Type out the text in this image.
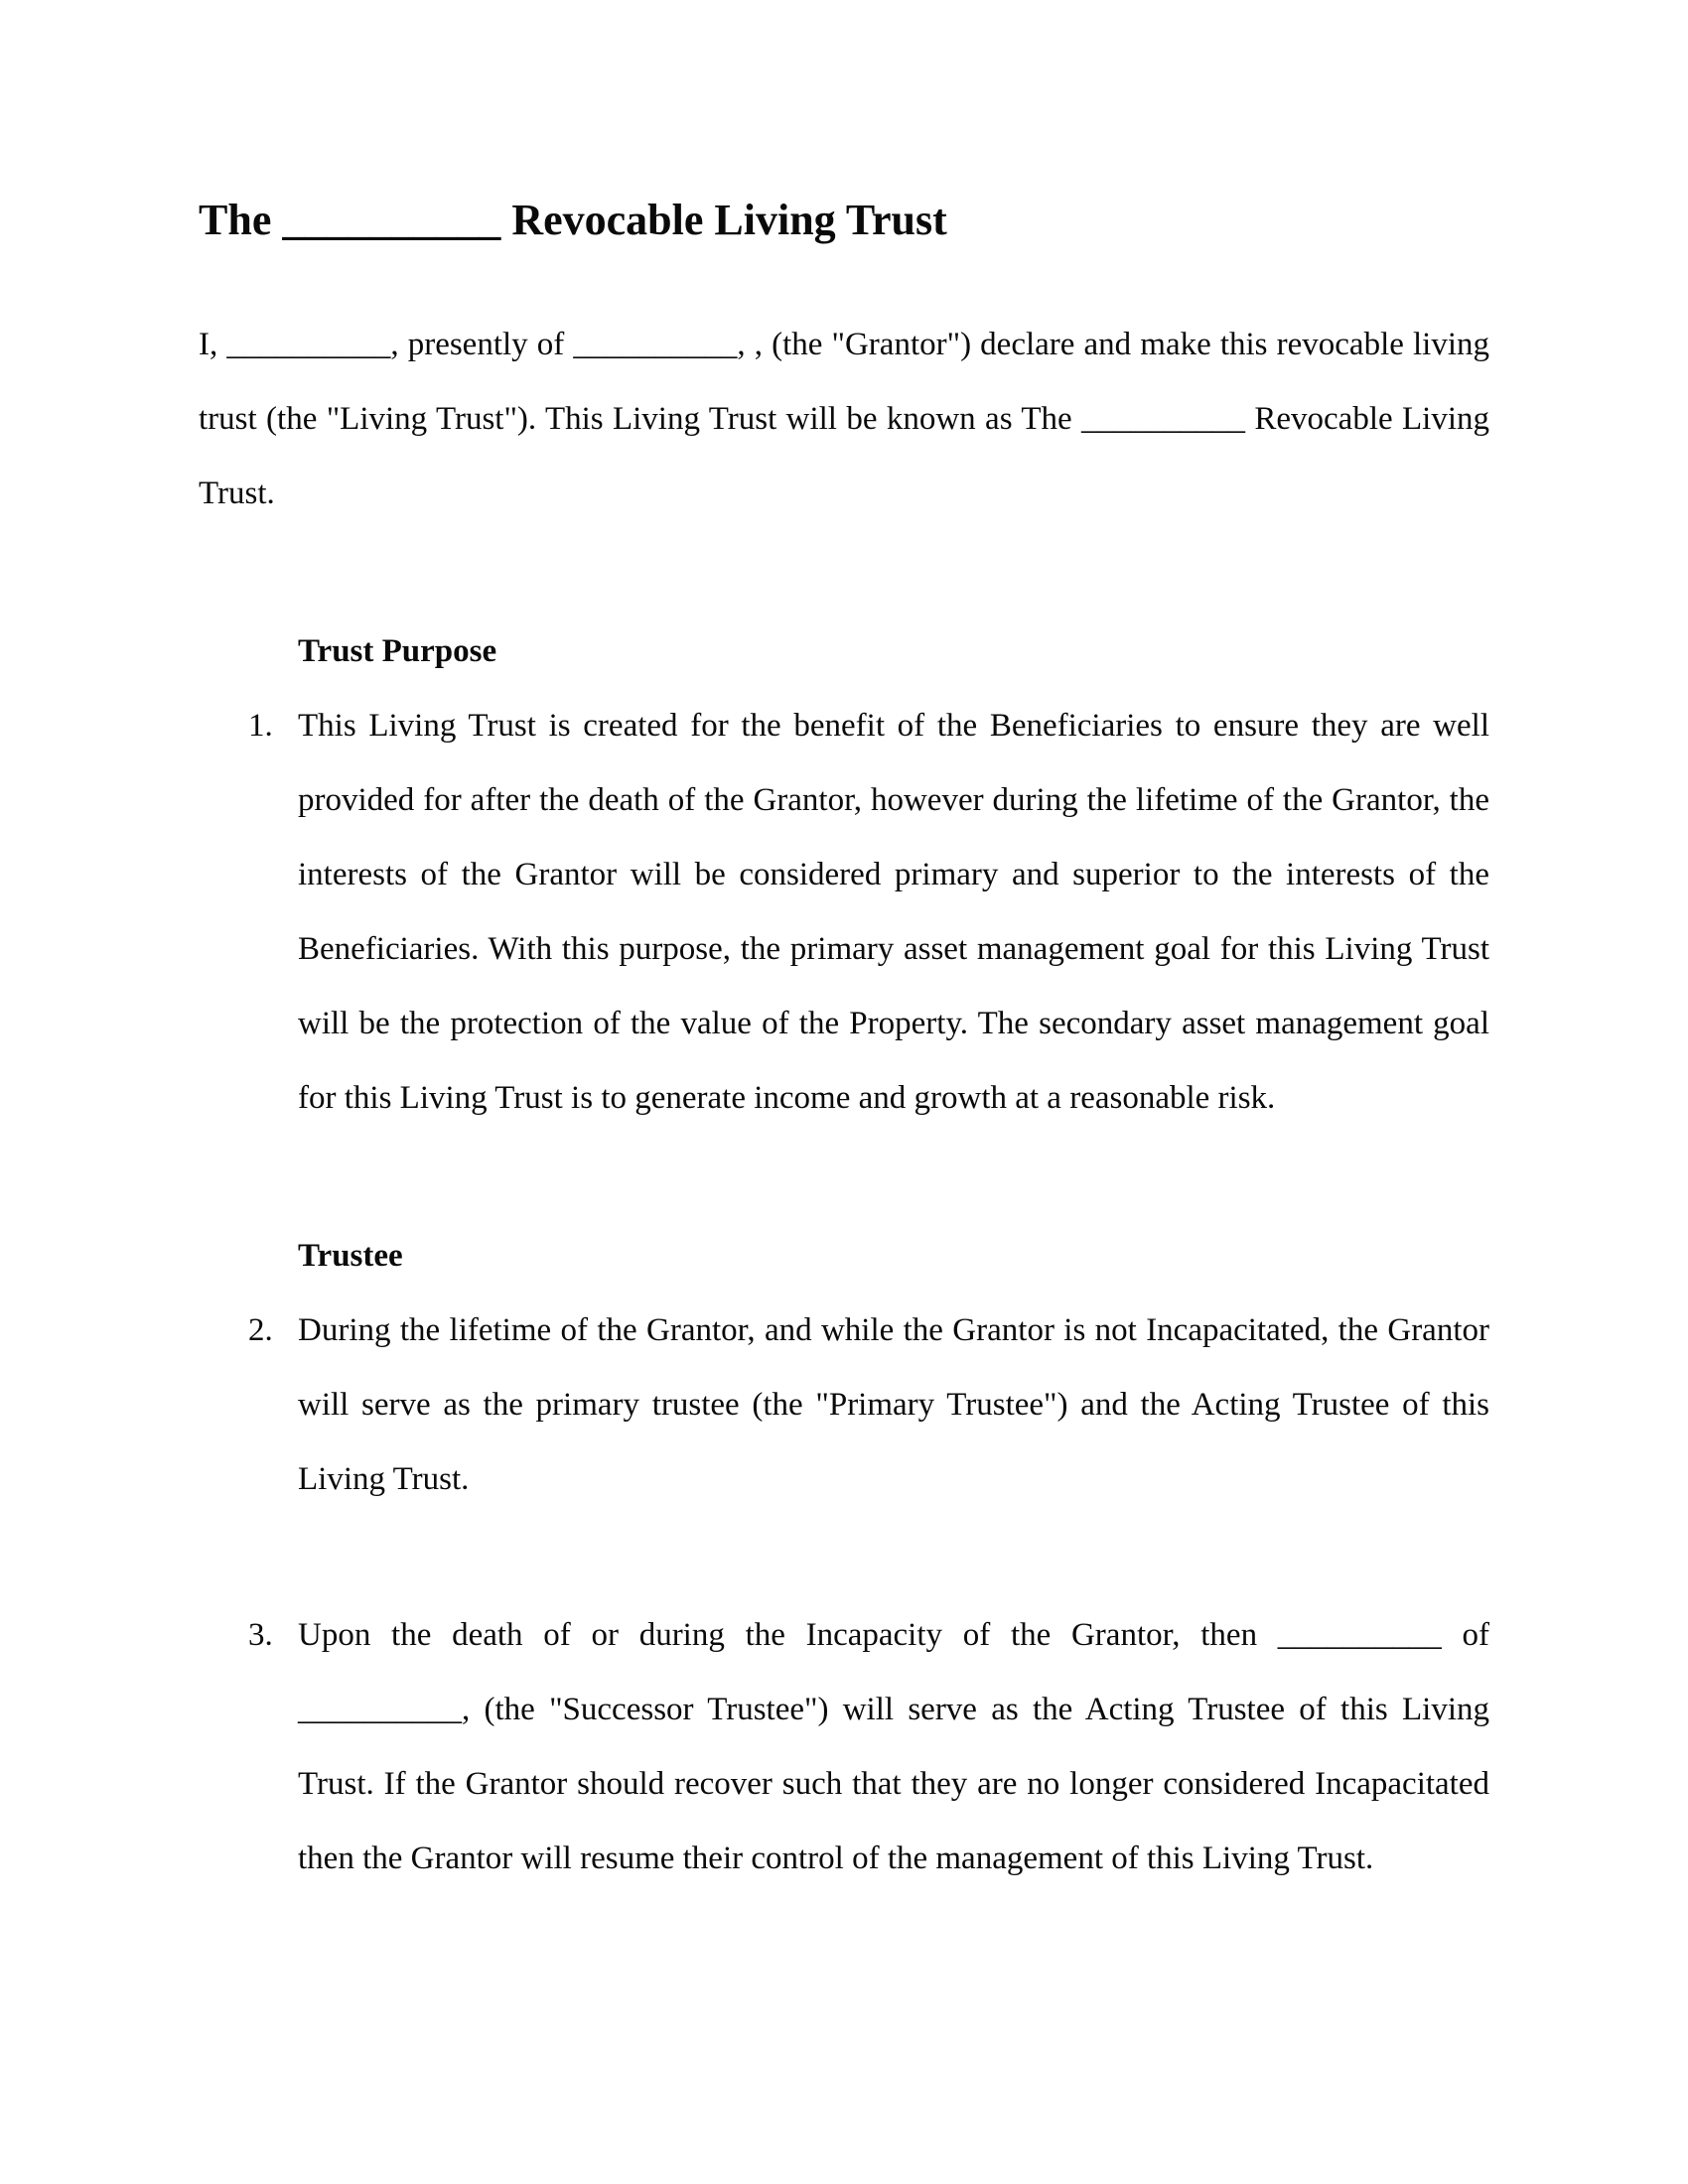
The __________ Revocable Living Trust

I, __________, presently of __________, , (the "Grantor") declare and make this revocable living trust (the "Living Trust"). This Living Trust will be known as The __________ Revocable Living Trust.

Trust Purpose

1. This Living Trust is created for the benefit of the Beneficiaries to ensure they are well provided for after the death of the Grantor, however during the lifetime of the Grantor, the interests of the Grantor will be considered primary and superior to the interests of the Beneficiaries. With this purpose, the primary asset management goal for this Living Trust will be the protection of the value of the Property. The secondary asset management goal for this Living Trust is to generate income and growth at a reasonable risk.

Trustee

2. During the lifetime of the Grantor, and while the Grantor is not Incapacitated, the Grantor will serve as the primary trustee (the "Primary Trustee") and the Acting Trustee of this Living Trust.

3. Upon the death of or during the Incapacity of the Grantor, then __________ of __________, (the "Successor Trustee") will serve as the Acting Trustee of this Living Trust. If the Grantor should recover such that they are no longer considered Incapacitated then the Grantor will resume their control of the management of this Living Trust.
